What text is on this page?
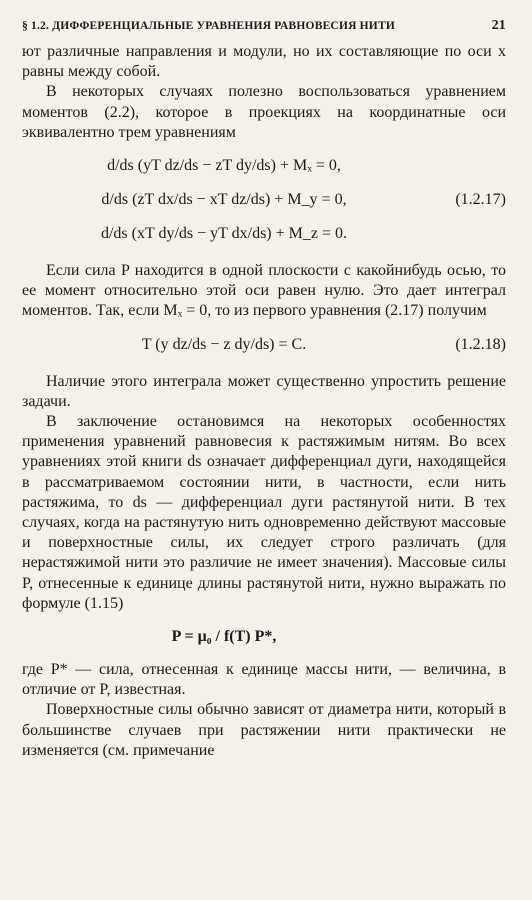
§ 1.2. ДИФФЕРЕНЦИАЛЬНЫЕ УРАВНЕНИЯ РАВНОВЕСИЯ НИТИ	21

ют различные направления и модули, но их составляющие по оси x равны между собой.

В некоторых случаях полезно воспользоваться уравнением моментов (2.2), которое в проекциях на координатные оси эквивалентно трем уравнениям

d/ds (yT dz/ds − zT dy/ds) + Mₓ = 0,
d/ds (zT dx/ds − xT dz/ds) + M_y = 0,	(1.2.17)
d/ds (xT dy/ds − yT dx/ds) + M_z = 0.

Если сила P находится в одной плоскости с какойнибудь осью, то ее момент относительно этой оси равен нулю. Это дает интеграл моментов. Так, если Mₓ = 0, то из первого уравнения (2.17) получим

T (y dz/ds − z dy/ds) = C.	(1.2.18)

Наличие этого интеграла может существенно упростить решение задачи.

В заключение остановимся на некоторых особенностях применения уравнений равновесия к растяжимым нитям. Во всех уравнениях этой книги ds означает дифференциал дуги, находящейся в рассматриваемом состоянии нити, в частности, если нить растяжима, то ds — дифференциал дуги растянутой нити. В тех случаях, когда на растянутую нить одновременно действуют массовые и поверхностные силы, их следует строго различать (для нерастяжимой нити это различие не имеет значения). Массовые силы P, отнесенные к единице длины растянутой нити, нужно выражать по формуле (1.15)

P = μ₀ / f(T) P*,

где P* — сила, отнесенная к единице массы нити, — величина, в отличие от P, известная.

Поверхностные силы обычно зависят от диаметра нити, который в большинстве случаев при растяжении нити практически не изменяется (см. примечание
